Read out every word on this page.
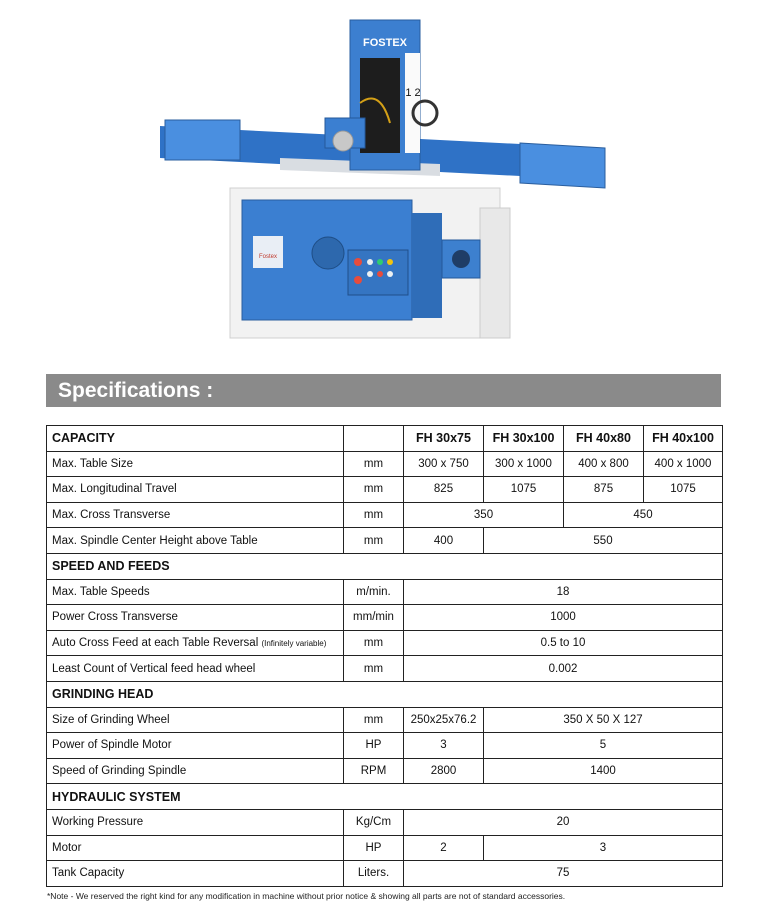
Fostex
FOSTEX
1 2
Specifications :
CAPACITY		FH 30x75	FH 30x100	FH 40x80	FH 40x100
Max. Table Size	mm	300 x 750	300 x 1000	400 x 800	400 x 1000
Max. Longitudinal Travel	mm	825	1075	875	1075
Max. Cross Transverse	mm	350		450	
Max. Spindle Center Height above Table	mm	400	550		
SPEED AND FEEDS					
Max. Table Speeds	m/min.	18			
Power Cross Transverse	mm/min	1000			
Auto Cross Feed at each Table Reversal (Infinitely variable)	mm	0.5 to 10			
Least Count of Vertical feed head wheel	mm	0.002			
GRINDING HEAD					
Size of Grinding Wheel	mm	250x25x76.2	350 X 50 X 127		
Power of Spindle Motor	HP	3	5		
Speed of Grinding Spindle	RPM	2800	1400		
HYDRAULIC SYSTEM					
Working Pressure	Kg/Cm	20			
Motor	HP	2	3		
Tank Capacity	Liters.	75			
*Note - We reserved the right kind for any modification in machine without prior notice & showing all parts are not of standard accessories.
